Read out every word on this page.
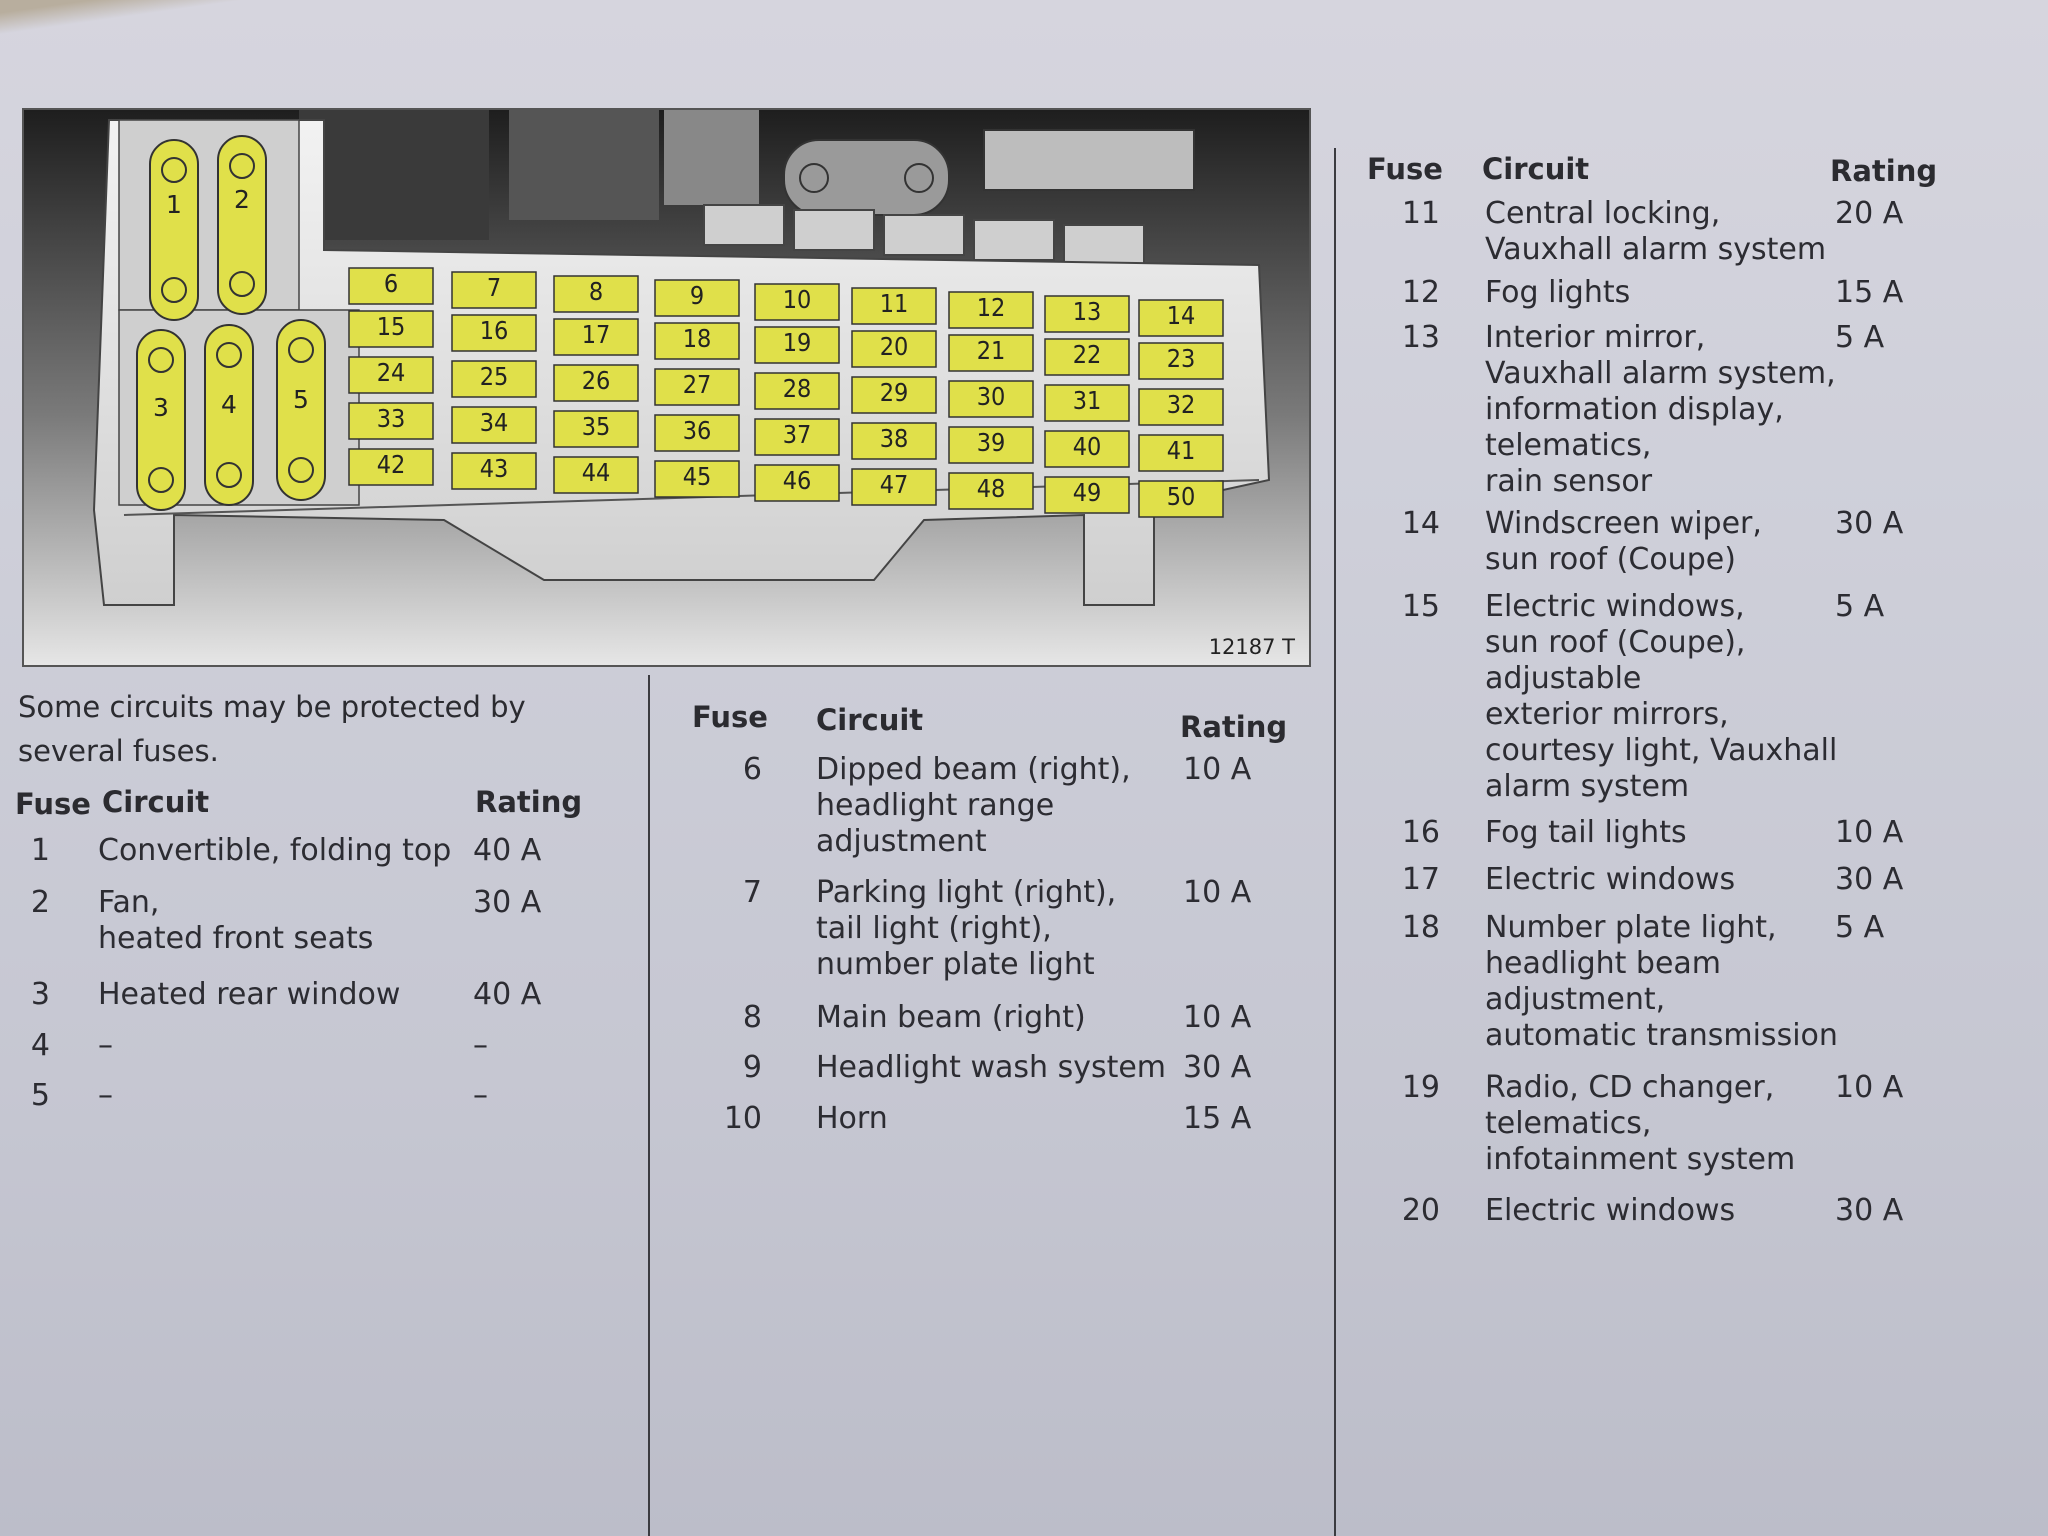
1 2
3 4 5
6	7	8	9	10	11	12	13	14
15	16	17	18	19	20	21	22	23
24	25	26	27	28	29	30	31	32
33	34	35	36	37	38	39	40	41
42	43	44	45	46	47	48	49	50
12187 T
Some circuits may be protected by several fuses.
Fuse Circuit	Rating
1 Convertible, folding top 40 A
2 Fan,
heated front seats
30 A
3 Heated rear window 40 A
4 –	–
5 –	–
Fuse Circuit	Rating
6 Dipped beam (right),
headlight range
adjustment
10 A
7 Parking light (right),
tail light (right),
number plate light
10 A
8 Main beam (right)	10 A
9 Headlight wash system 30 A
10 Horn	15 A
Fuse Circuit	Rating
11 Central locking,
Vauxhall alarm system
20 A
12 Fog lights	15 A
13 Interior mirror,
Vauxhall alarm system,
information display,
telematics,
rain sensor
5 A
14 Windscreen wiper,
sun roof (Coupe)
30 A
15 Electric windows,
sun roof (Coupe),
adjustable
exterior mirrors,
courtesy light, Vauxhall
alarm system
5 A
16 Fog tail lights	10 A
17 Electric windows	30 A
18 Number plate light,
headlight beam
adjustment,
automatic transmission
5 A
19 Radio, CD changer,
telematics,
infotainment system
10 A
20 Electric windows	30 A
